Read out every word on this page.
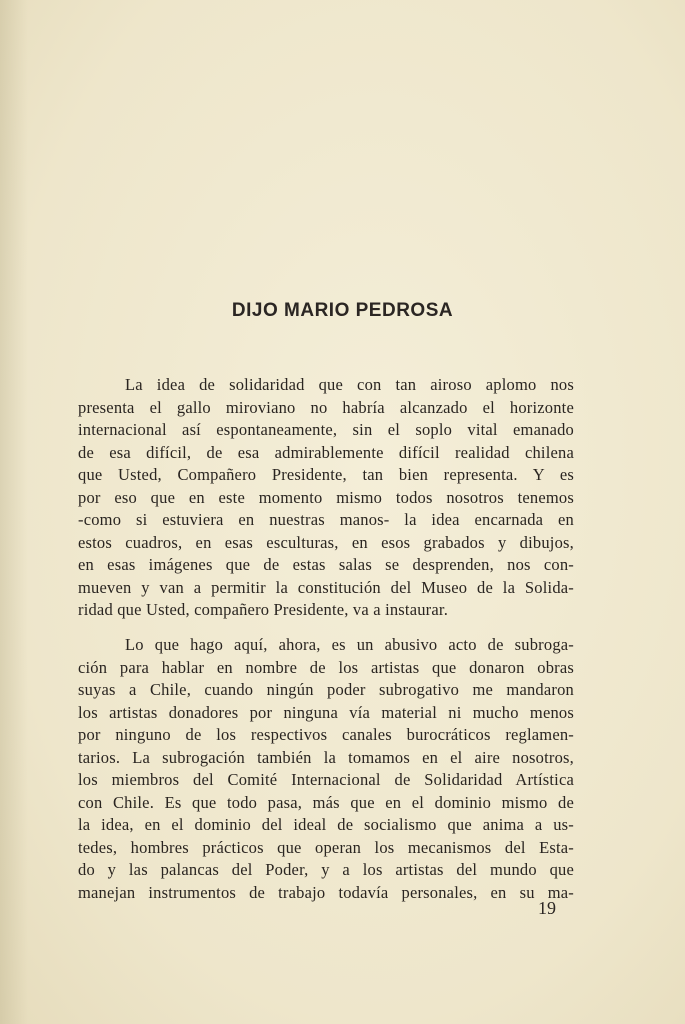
DIJO MARIO PEDROSA
La idea de solidaridad que con tan airoso aplomo nos
presenta el gallo miroviano no habría alcanzado el horizonte
internacional así espontaneamente, sin el soplo vital emanado
de esa difícil, de esa admirablemente difícil realidad chilena
que Usted, Compañero Presidente, tan bien representa. Y es
por eso que en este momento mismo todos nosotros tenemos
-como si estuviera en nuestras manos- la idea encarnada en
estos cuadros, en esas esculturas, en esos grabados y dibujos,
en esas imágenes que de estas salas se desprenden, nos con-
mueven y van a permitir la constitución del Museo de la Solida-
ridad que Usted, compañero Presidente, va a instaurar.
Lo que hago aquí, ahora, es un abusivo acto de subroga-
ción para hablar en nombre de los artistas que donaron obras
suyas a Chile, cuando ningún poder subrogativo me mandaron
los artistas donadores por ninguna vía material ni mucho menos
por ninguno de los respectivos canales burocráticos reglamen-
tarios. La subrogación también la tomamos en el aire nosotros,
los miembros del Comité Internacional de Solidaridad Artística
con Chile. Es que todo pasa, más que en el dominio mismo de
la idea, en el dominio del ideal de socialismo que anima a us-
tedes, hombres prácticos que operan los mecanismos del Esta-
do y las palancas del Poder, y a los artistas del mundo que
manejan instrumentos de trabajo todavía personales, en su ma-
19
